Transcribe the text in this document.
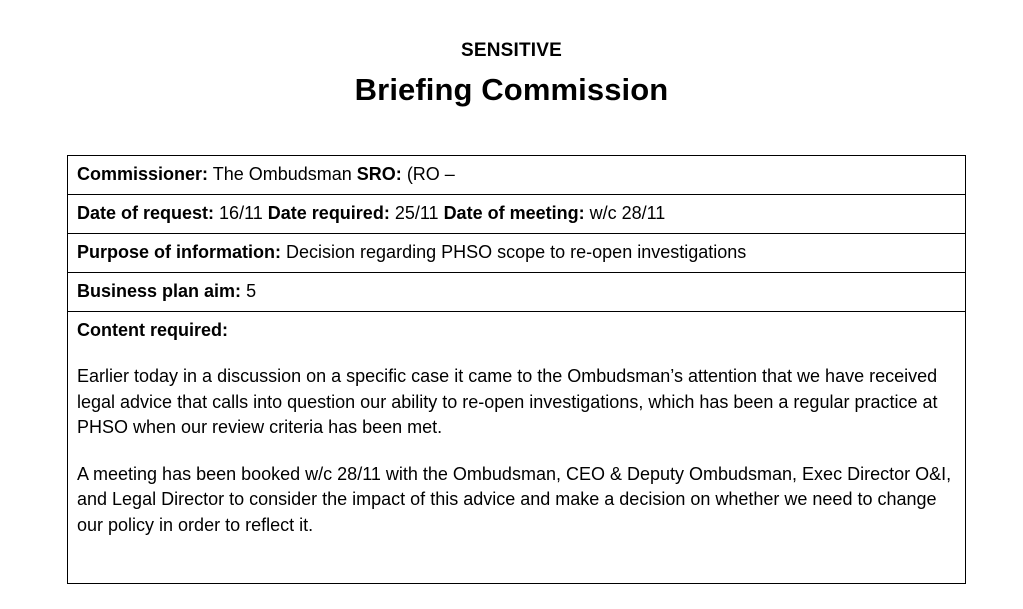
SENSITIVE
Briefing Commission
Commissioner: The Ombudsman SRO: (RO –
Date of request: 16/11 Date required: 25/11 Date of meeting: w/c 28/11
Purpose of information: Decision regarding PHSO scope to re-open investigations
Business plan aim: 5

Content required:

Earlier today in a discussion on a specific case it came to the Ombudsman’s attention that we have received legal advice that calls into question our ability to re-open investigations, which has been a regular practice at PHSO when our review criteria has been met.

A meeting has been booked w/c 28/11 with the Ombudsman, CEO & Deputy Ombudsman, Exec Director O&I, and Legal Director to consider the impact of this advice and make a decision on whether we need to change our policy in order to reflect it.
